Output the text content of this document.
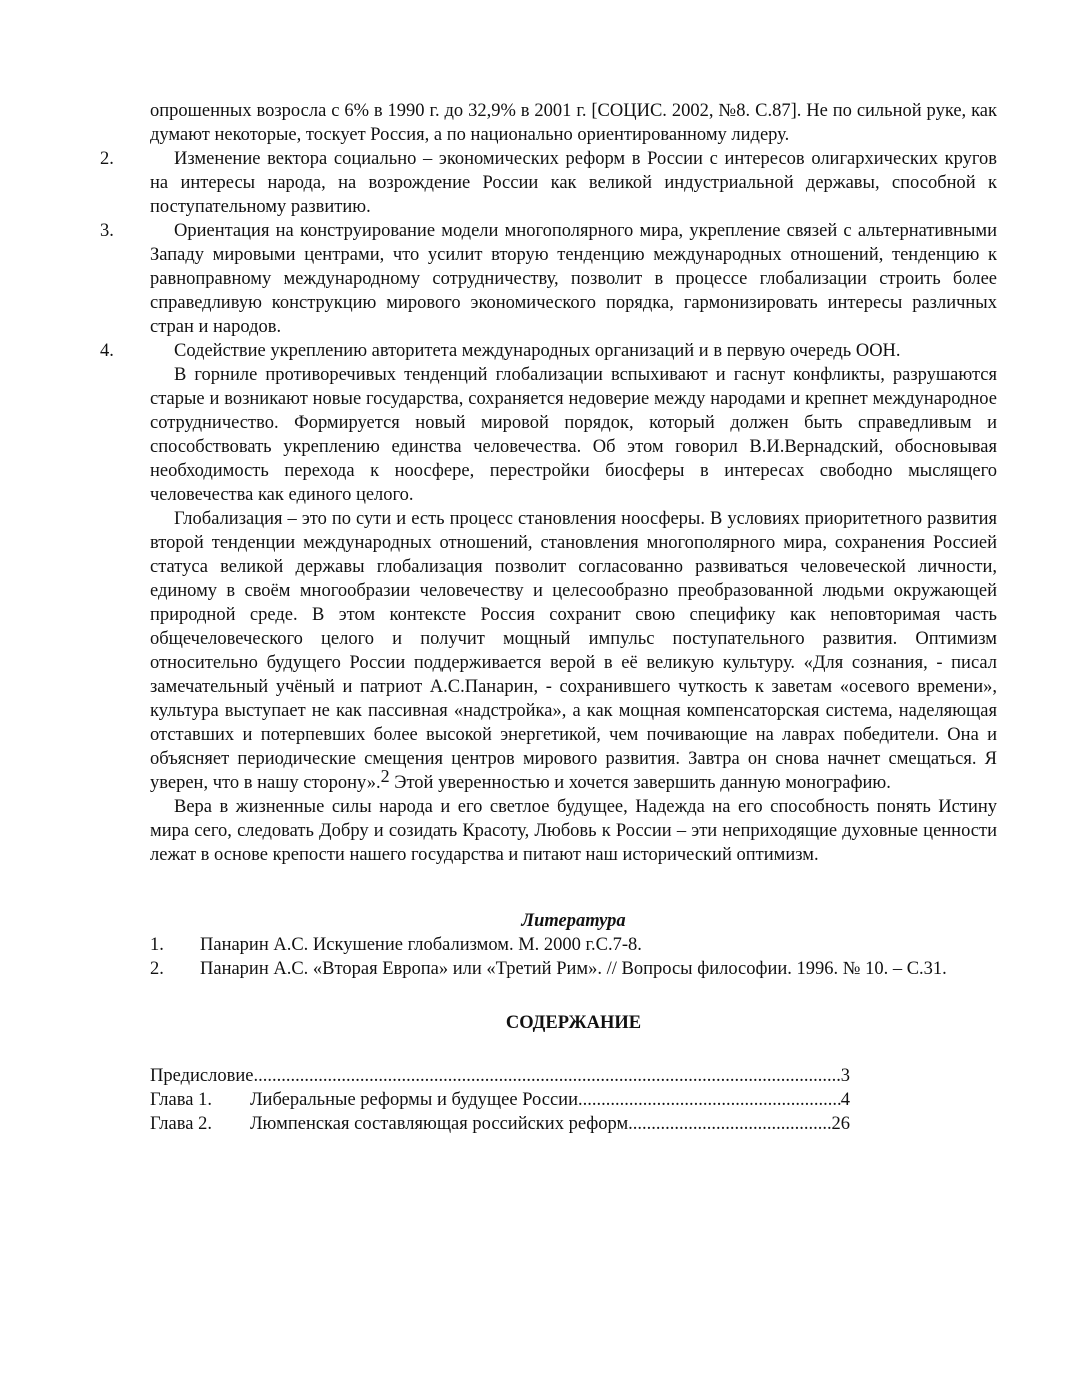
опрошенных возросла с 6% в 1990 г. до 32,9% в 2001 г. [СОЦИС. 2002, №8. С.87]. Не по сильной руке, как думают некоторые, тоскует Россия, а по национально ориентированному лидеру.

2.	Изменение вектора социально – экономических реформ в России с интересов олигархических кругов на интересы народа, на возрождение России как великой индустриальной державы, способной к поступательному развитию.

3.	Ориентация на конструирование модели многополярного мира, укрепление связей с альтернативными Западу мировыми центрами, что усилит вторую тенденцию международных отношений, тенденцию к равноправному международному сотрудничеству, позволит в процессе глобализации строить более справедливую конструкцию мирового экономического порядка, гармонизировать интересы различных стран и народов.

4.	Содействие укреплению авторитета международных организаций и в первую очередь ООН.

В горниле противоречивых тенденций глобализации вспыхивают и гаснут конфликты, разрушаются старые и возникают новые государства, сохраняется недоверие между народами и крепнет международное сотрудничество. Формируется новый мировой порядок, который должен быть справедливым и способствовать укреплению единства человечества. Об этом говорил В.И.Вернадский, обосновывая необходимость перехода к ноосфере, перестройки биосферы в интересах свободно мыслящего человечества как единого целого.

Глобализация – это по сути и есть процесс становления ноосферы. В условиях приоритетного развития второй тенденции международных отношений, становления многополярного мира, сохранения Россией статуса великой державы глобализация позволит согласованно развиваться человеческой личности, единому в своём многообразии человечеству и целесообразно преобразованной людьми окружающей природной среде. В этом контексте Россия сохранит свою специфику как неповторимая часть общечеловеческого целого и получит мощный импульс поступательного развития. Оптимизм относительно будущего России поддерживается верой в её великую культуру. «Для сознания, - писал замечательный учёный и патриот А.С.Панарин, - сохранившего чуткость к заветам «осевого времени», культура выступает не как пассивная «надстройка», а как мощная компенсаторская система, наделяющая отставших и потерпевших более высокой энергетикой, чем почивающие на лаврах победители. Она и объясняет периодические смещения центров мирового развития. Завтра он снова начнет смещаться. Я уверен, что в нашу сторону».$^2$ Этой уверенностью и хочется завершить данную монографию.

Вера в жизненные силы народа и его светлое будущее, Надежда на его способность понять Истину мира сего, следовать Добру и созидать Красоту, Любовь к России – эти неприходящие духовные ценности лежат в основе крепости нашего государства и питают наш исторический оптимизм.

Литература

1.	Панарин А.С. Искушение глобализмом. М. 2000 г.С.7-8.
2.	Панарин А.С. «Вторая Европа» или «Третий Рим». // Вопросы философии. 1996. № 10. – С.31.

СОДЕРЖАНИЕ

Предисловие .....	3
Глава 1.	Либеральные реформы и будущее России .....	4
Глава 2.	Люмпенская составляющая российских реформ .....	26
